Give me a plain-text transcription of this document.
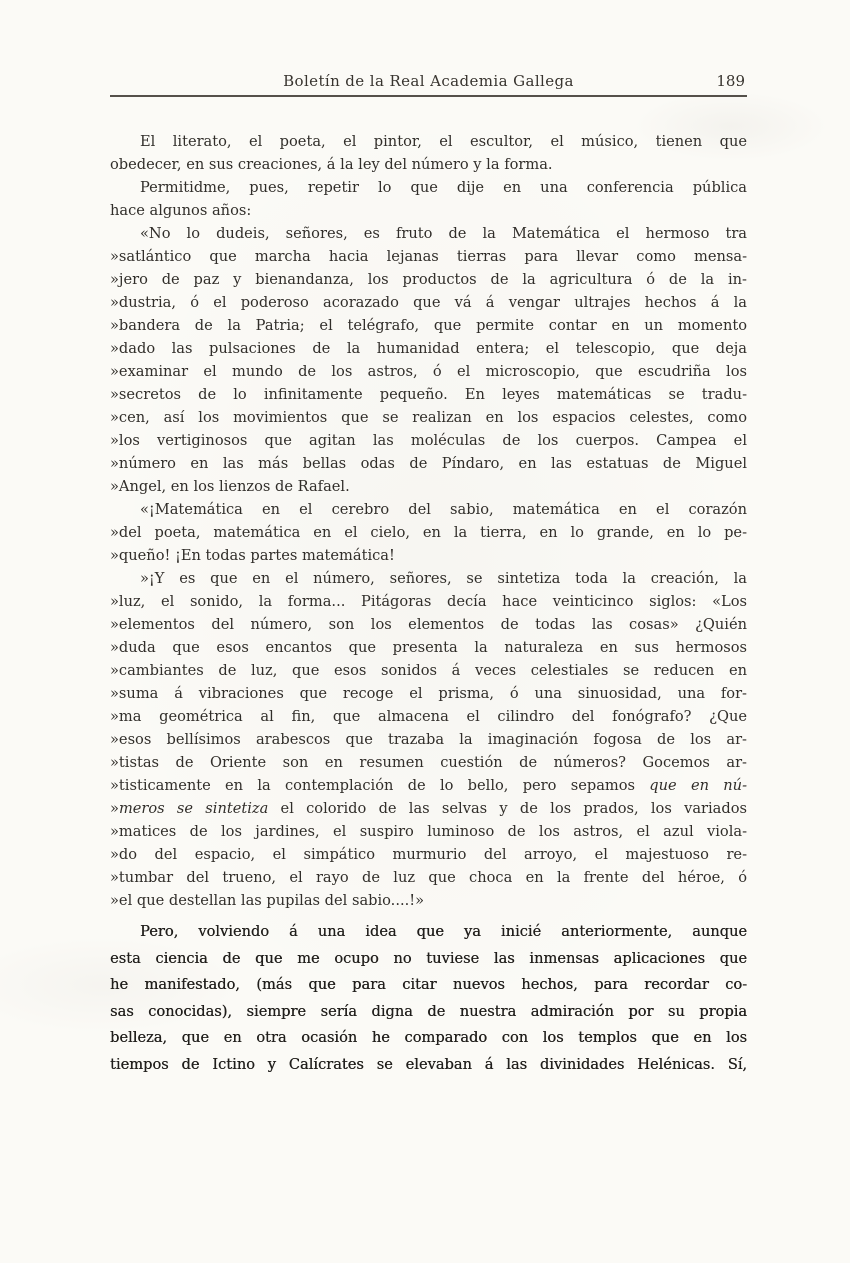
Boletín de la Real Academia Gallega	189
El literato, el poeta, el pintor, el escultor, el músico, tienen que
obedecer, en sus creaciones, á la ley del número y la forma.
Permitidme, pues, repetir lo que dije en una conferencia pública
hace algunos años:
«No lo dudeis, señores, es fruto de la Matemática el hermoso tra
»satlántico que marcha hacia lejanas tierras para llevar como mensa-
»jero de paz y bienandanza, los productos de la agricultura ó de la in-
»dustria, ó el poderoso acorazado que vá á vengar ultrajes hechos á la
»bandera de la Patria; el telégrafo, que permite contar en un momento
»dado las pulsaciones de la humanidad entera; el telescopio, que deja
»examinar el mundo de los astros, ó el microscopio, que escudriña los
»secretos de lo infinitamente pequeño. En leyes matemáticas se tradu-
»cen, así los movimientos que se realizan en los espacios celestes, como
»los vertiginosos que agitan las moléculas de los cuerpos. Campea el
»número en las más bellas odas de Píndaro, en las estatuas de Miguel
»Angel, en los lienzos de Rafael.
«¡Matemática en el cerebro del sabio, matemática en el corazón
»del poeta, matemática en el cielo, en la tierra, en lo grande, en lo pe-
»queño! ¡En todas partes matemática!
»¡Y es que en el número, señores, se sintetiza toda la creación, la
»luz, el sonido, la forma... Pitágoras decía hace veinticinco siglos: «Los
»elementos del número, son los elementos de todas las cosas» ¿Quién
»duda que esos encantos que presenta la naturaleza en sus hermosos
»cambiantes de luz, que esos sonidos á veces celestiales se reducen en
»suma á vibraciones que recoge el prisma, ó una sinuosidad, una for-
»ma geométrica al fin, que almacena el cilindro del fonógrafo? ¿Que
»esos bellísimos arabescos que trazaba la imaginación fogosa de los ar-
»tistas de Oriente son en resumen cuestión de números? Gocemos ar-
»tisticamente en la contemplación de lo bello, pero sepamos que en nú-
»meros se sintetiza el colorido de las selvas y de los prados, los variados
»matices de los jardines, el suspiro luminoso de los astros, el azul viola-
»do del espacio, el simpático murmurio del arroyo, el majestuoso re-
»tumbar del trueno, el rayo de luz que choca en la frente del héroe, ó
»el que destellan las pupilas del sabio....!»
Pero, volviendo á una idea que ya inicié anteriormente, aunque
esta ciencia de que me ocupo no tuviese las inmensas aplicaciones que
he manifestado, (más que para citar nuevos hechos, para recordar co-
sas conocidas), siempre sería digna de nuestra admiración por su propia
belleza, que en otra ocasión he comparado con los templos que en los
tiempos de Ictino y Calícrates se elevaban á las divinidades Helénicas. Sí,
